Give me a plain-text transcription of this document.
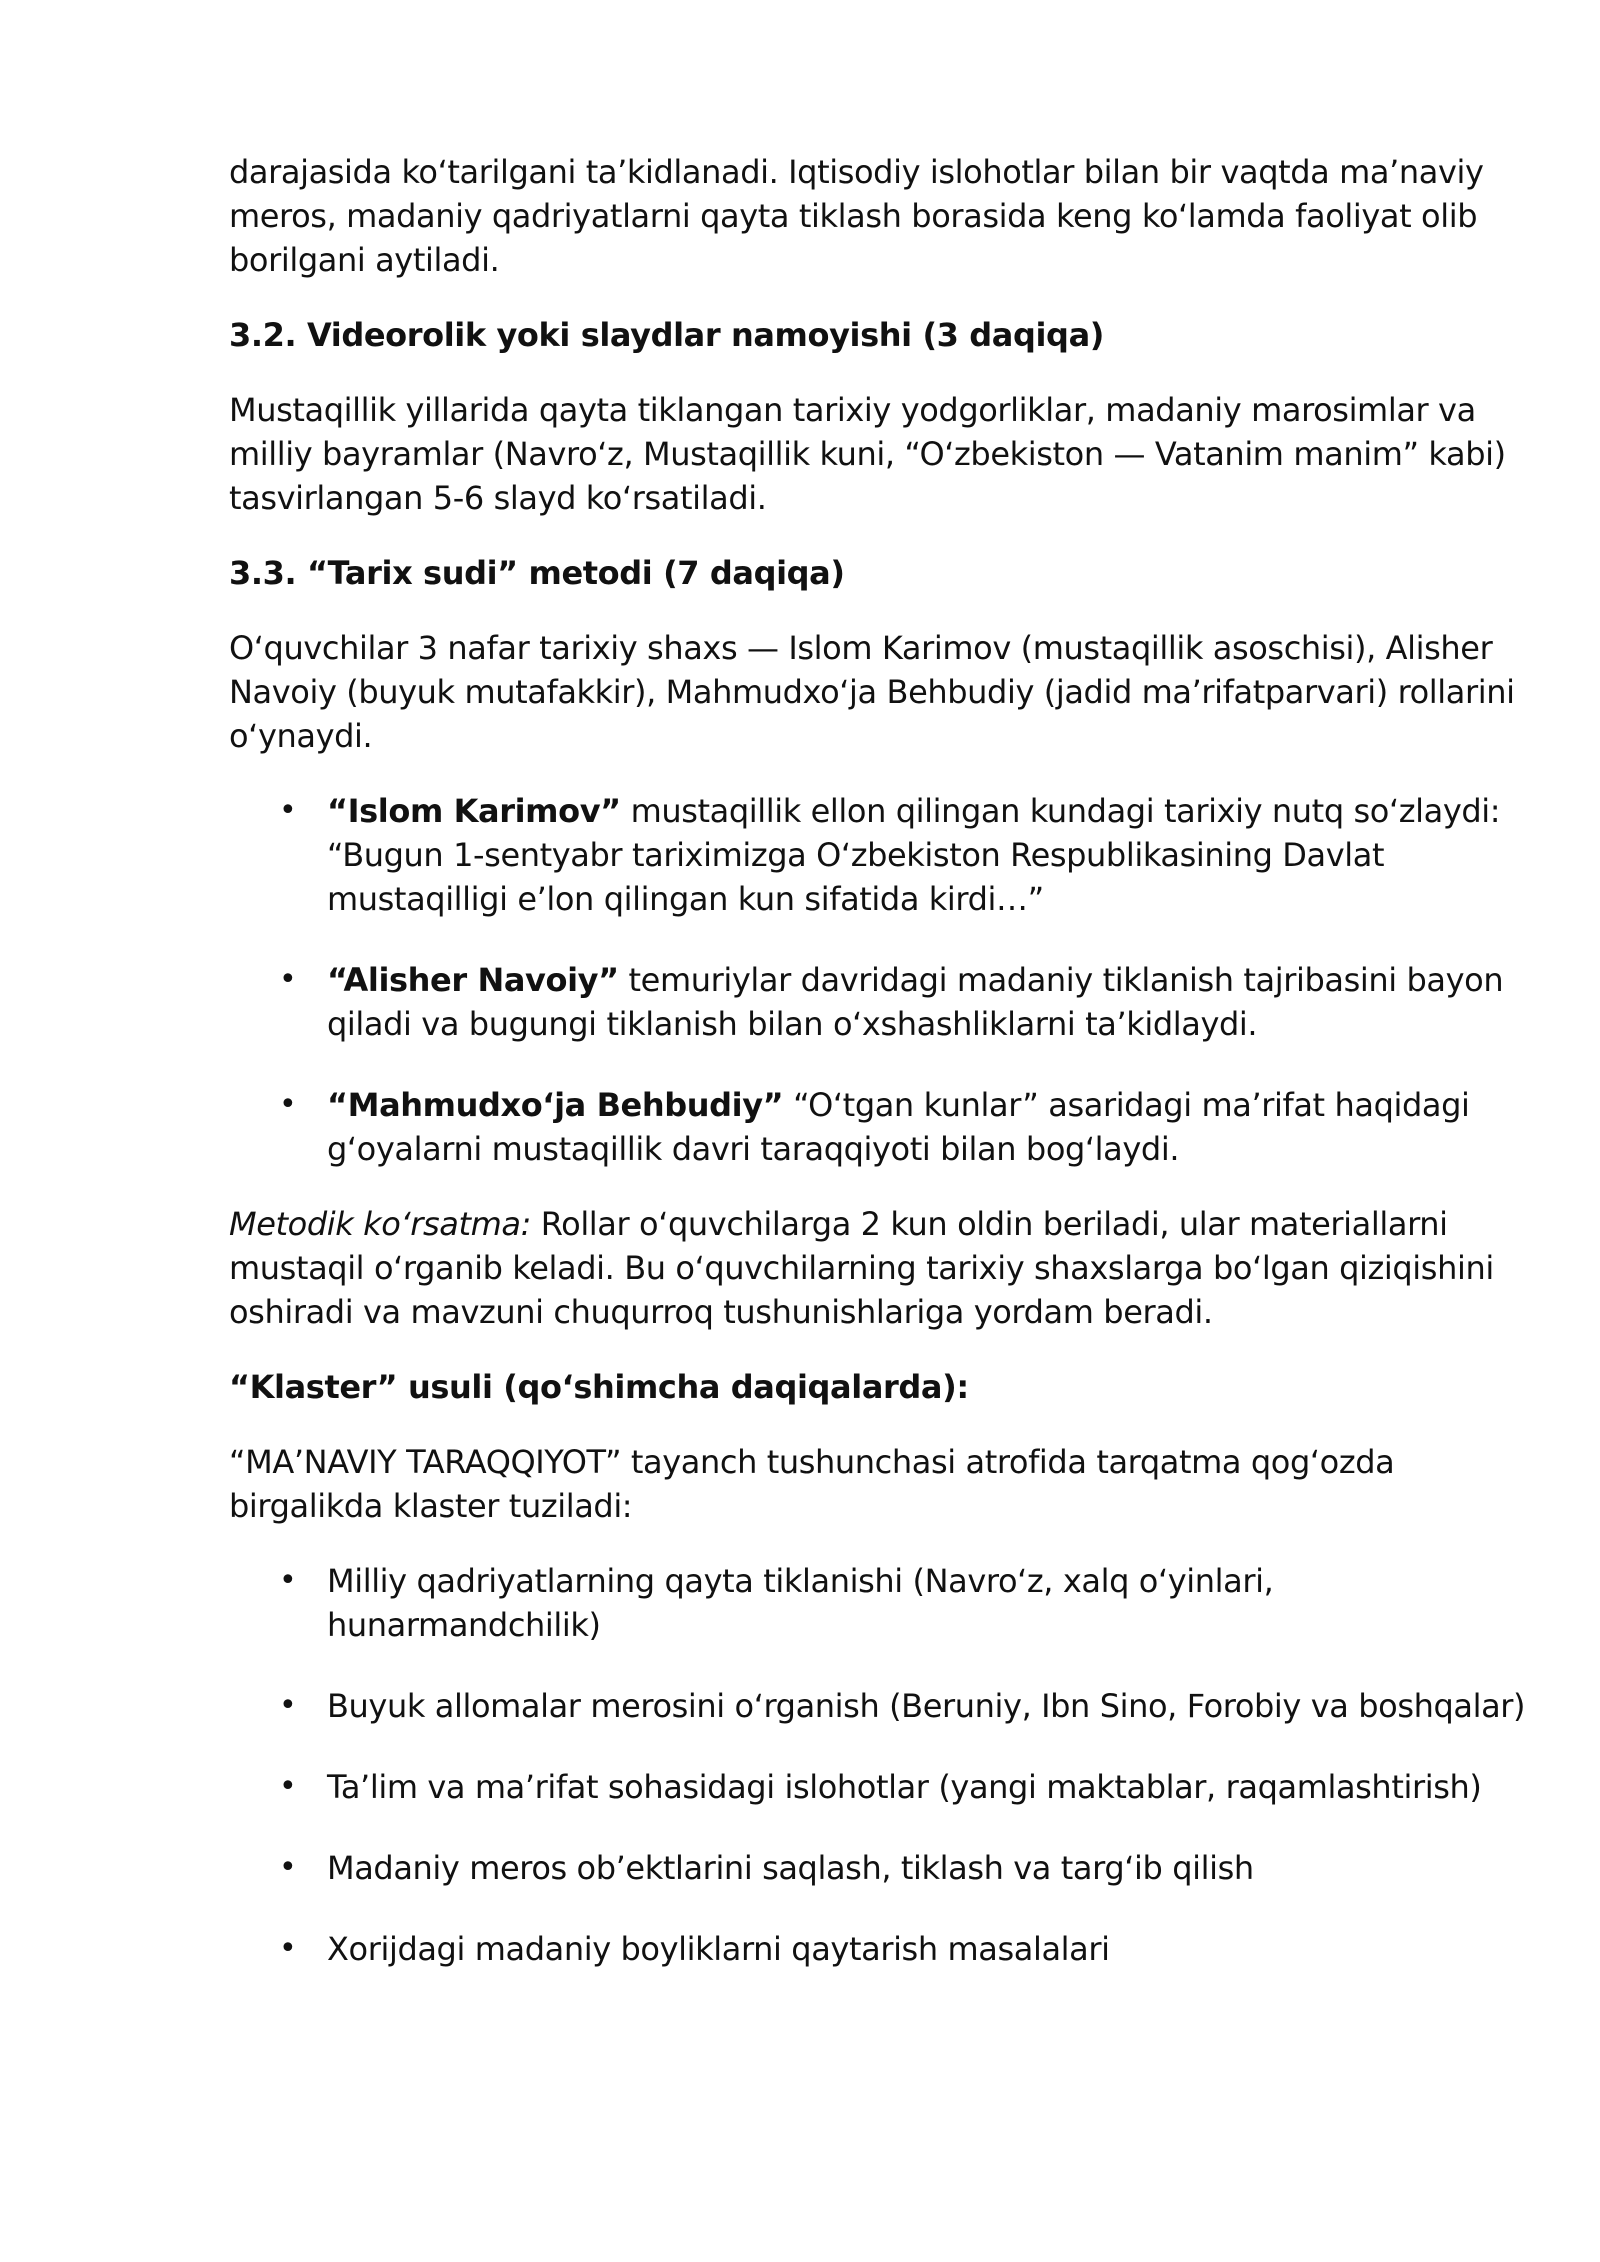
darajasida ko‘tarilgani ta’kidlanadi. Iqtisodiy islohotlar bilan bir vaqtda ma’naviy meros, madaniy qadriyatlarni qayta tiklash borasida keng ko‘lamda faoliyat olib borilgani aytiladi.

3.2. Videorolik yoki slaydlar namoyishi (3 daqiqa)

Mustaqillik yillarida qayta tiklangan tarixiy yodgorliklar, madaniy marosimlar va milliy bayramlar (Navro‘z, Mustaqillik kuni, “O‘zbekiston — Vatanim manim” kabi) tasvirlangan 5-6 slayd ko‘rsatiladi.

3.3. “Tarix sudi” metodi (7 daqiqa)

O‘quvchilar 3 nafar tarixiy shaxs — Islom Karimov (mustaqillik asoschisi), Alisher Navoiy (buyuk mutafakkir), Mahmudxo‘ja Behbudiy (jadid ma’rifatparvari) rollarini o‘ynaydi.

• “Islom Karimov” mustaqillik ellon qilingan kundagi tarixiy nutq so‘zlaydi: “Bugun 1-sentyabr tariximizga O‘zbekiston Respublikasining Davlat mustaqilligi e’lon qilingan kun sifatida kirdi…”
• “Alisher Navoiy” temuriylar davridagi madaniy tiklanish tajribasini bayon qiladi va bugungi tiklanish bilan o‘xshashliklarni ta’kidlaydi.
• “Mahmudxo‘ja Behbudiy” “O‘tgan kunlar” asaridagi ma’rifat haqidagi g‘oyalarni mustaqillik davri taraqqiyoti bilan bog‘laydi.

Metodik ko‘rsatma: Rollar o‘quvchilarga 2 kun oldin beriladi, ular materiallarni mustaqil o‘rganib keladi. Bu o‘quvchilarning tarixiy shaxslarga bo‘lgan qiziqishini oshiradi va mavzuni chuqurroq tushunishlariga yordam beradi.

“Klaster” usuli (qo‘shimcha daqiqalarda):

“MA’NAVIY TARAQQIYOT” tayanch tushunchasi atrofida tarqatma qog‘ozda birgalikda klaster tuziladi:

• Milliy qadriyatlarning qayta tiklanishi (Navro‘z, xalq o‘yinlari, hunarmandchilik)
• Buyuk allomalar merosini o‘rganish (Beruniy, Ibn Sino, Forobiy va boshqalar)
• Ta’lim va ma’rifat sohasidagi islohotlar (yangi maktablar, raqamlashtirish)
• Madaniy meros ob’ektlarini saqlash, tiklash va targ‘ib qilish
• Xorijdagi madaniy boyliklarni qaytarish masalalari
